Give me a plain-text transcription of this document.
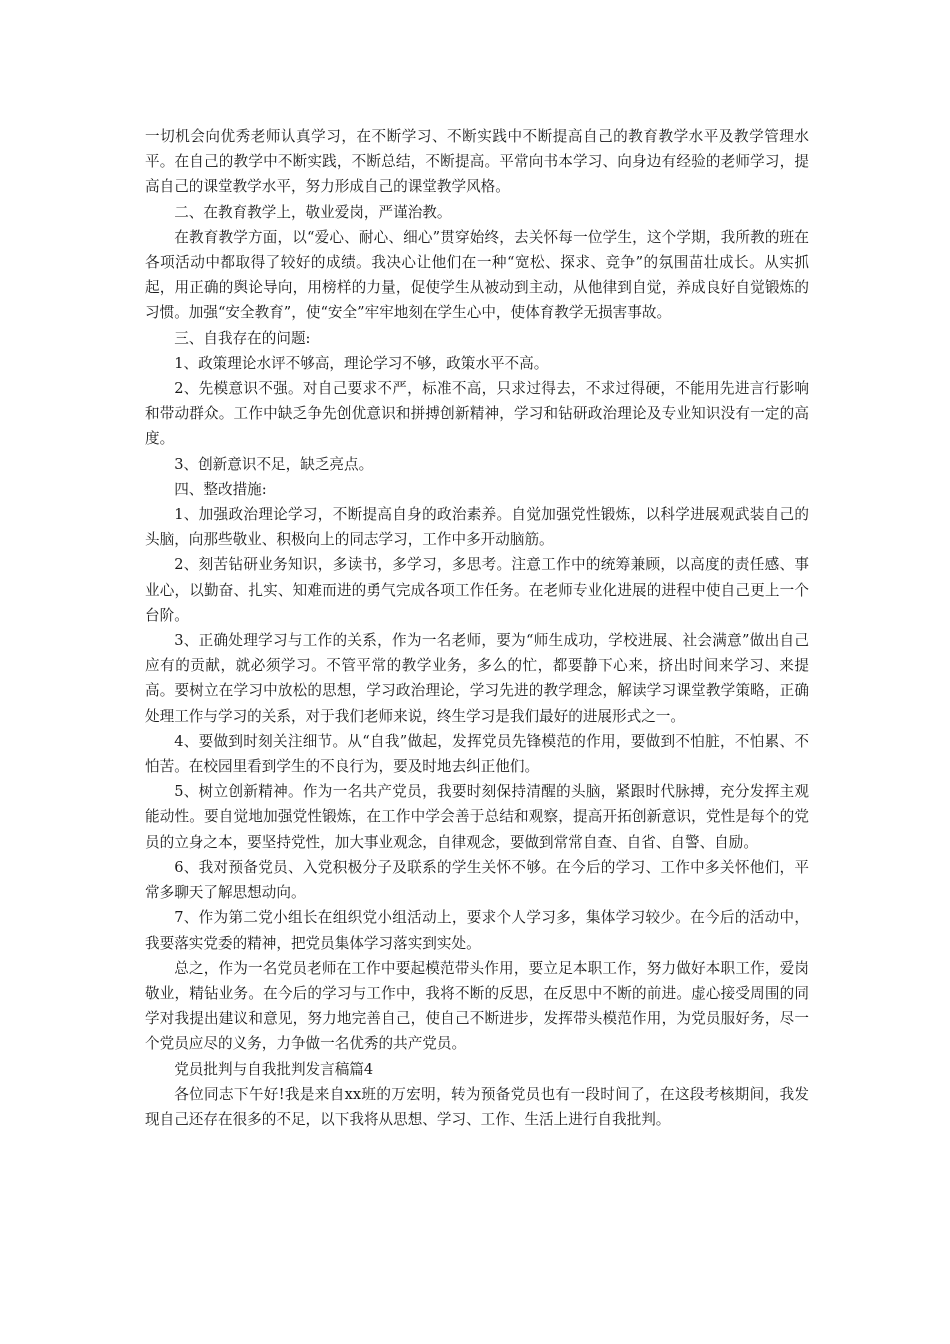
一切机会向优秀老师认真学习，在不断学习、不断实践中不断提高自己的教育教学水平及教学管理水平。在自己的教学中不断实践，不断总结，不断提高。平常向书本学习、向身边有经验的老师学习，提高自己的课堂教学水平，努力形成自己的课堂教学风格。

二、在教育教学上，敬业爱岗，严谨治教。

在教育教学方面，以“爱心、耐心、细心”贯穿始终，去关怀每一位学生，这个学期，我所教的班在各项活动中都取得了较好的成绩。我决心让他们在一种“宽松、探求、竞争”的氛围苗壮成长。从实抓起，用正确的舆论导向，用榜样的力量，促使学生从被动到主动，从他律到自觉，养成良好自觉锻炼的习惯。加强“安全教育”，使“安全”牢牢地刻在学生心中，使体育教学无损害事故。

三、自我存在的问题:

1、政策理论水评不够高，理论学习不够，政策水平不高。

2、先模意识不强。对自己要求不严，标准不高，只求过得去，不求过得硬，不能用先进言行影响和带动群众。工作中缺乏争先创优意识和拼搏创新精神，学习和钻研政治理论及专业知识没有一定的高度。

3、创新意识不足，缺乏亮点。

四、整改措施:

1、加强政治理论学习，不断提高自身的政治素养。自觉加强党性锻炼，以科学进展观武装自己的头脑，向那些敬业、积极向上的同志学习，工作中多开动脑筋。

2、刻苦钻研业务知识，多读书，多学习，多思考。注意工作中的统筹兼顾，以高度的责任感、事业心，以勤奋、扎实、知难而进的勇气完成各项工作任务。在老师专业化进展的进程中使自己更上一个台阶。

3、正确处理学习与工作的关系，作为一名老师，要为“师生成功，学校进展、社会满意”做出自己应有的贡献，就必须学习。不管平常的教学业务，多么的忙，都要静下心来，挤出时间来学习、来提高。要树立在学习中放松的思想，学习政治理论，学习先进的教学理念，解读学习课堂教学策略，正确处理工作与学习的关系，对于我们老师来说，终生学习是我们最好的进展形式之一。

4、要做到时刻关注细节。从“自我”做起，发挥党员先锋模范的作用，要做到不怕脏，不怕累、不怕苦。在校园里看到学生的不良行为，要及时地去纠正他们。

5、树立创新精神。作为一名共产党员，我要时刻保持清醒的头脑，紧跟时代脉搏，充分发挥主观能动性。要自觉地加强党性锻炼，在工作中学会善于总结和观察，提高开拓创新意识，党性是每个的党员的立身之本，要坚持党性，加大事业观念，自律观念，要做到常常自查、自省、自警、自励。

6、我对预备党员、入党积极分子及联系的学生关怀不够。在今后的学习、工作中多关怀他们，平常多聊天了解思想动向。

7、作为第二党小组长在组织党小组活动上，要求个人学习多，集体学习较少。在今后的活动中，我要落实党委的精神，把党员集体学习落实到实处。

总之，作为一名党员老师在工作中要起模范带头作用，要立足本职工作，努力做好本职工作，爱岗敬业，精钻业务。在今后的学习与工作中，我将不断的反思，在反思中不断的前进。虚心接受周围的同学对我提出建议和意见，努力地完善自己，使自己不断进步，发挥带头模范作用，为党员服好务，尽一个党员应尽的义务，力争做一名优秀的共产党员。

党员批判与自我批判发言稿篇4

各位同志下午好!我是来自xx班的万宏明，转为预备党员也有一段时间了，在这段考核期间，我发现自己还存在很多的不足，以下我将从思想、学习、工作、生活上进行自我批判。
